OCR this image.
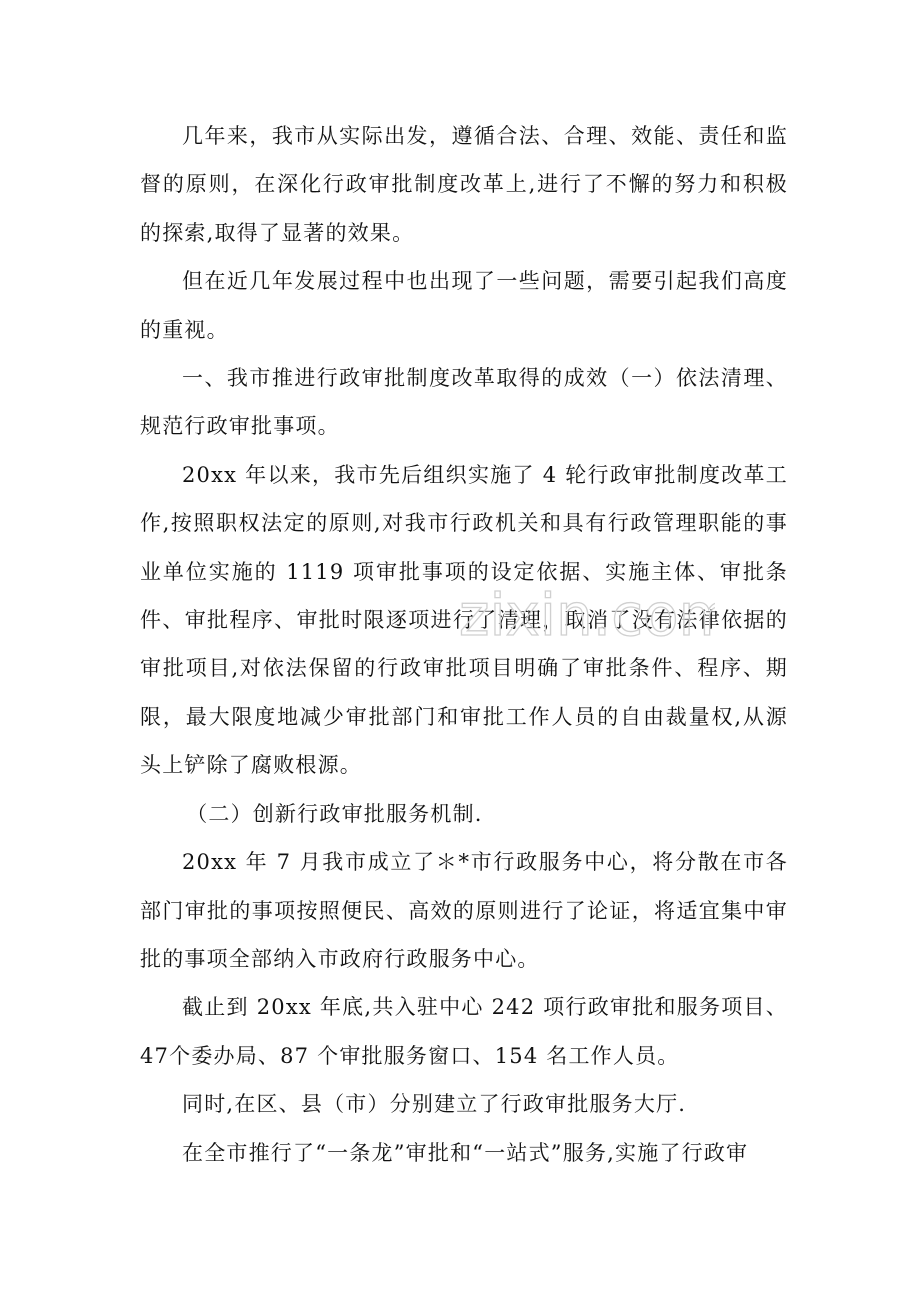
几年来，我市从实际出发，遵循合法、合理、效能、责任和监督的原则，在深化行政审批制度改革上,进行了不懈的努力和积极的探索,取得了显著的效果。

但在近几年发展过程中也出现了一些问题，需要引起我们高度的重视。

一、我市推进行政审批制度改革取得的成效（一）依法清理、规范行政审批事项。

20xx 年以来，我市先后组织实施了 4 轮行政审批制度改革工作,按照职权法定的原则,对我市行政机关和具有行政管理职能的事业单位实施的 1119 项审批事项的设定依据、实施主体、审批条件、审批程序、审批时限逐项进行了清理，取消了没有法律依据的审批项目,对依法保留的行政审批项目明确了审批条件、程序、期限，最大限度地减少审批部门和审批工作人员的自由裁量权,从源头上铲除了腐败根源。

（二）创新行政审批服务机制.

20xx 年 7 月我市成立了＊*市行政服务中心，将分散在市各部门审批的事项按照便民、高效的原则进行了论证，将适宜集中审批的事项全部纳入市政府行政服务中心。

截止到 20xx 年底,共入驻中心 242 项行政审批和服务项目、47个委办局、87 个审批服务窗口、154 名工作人员。

同时,在区、县（市）分别建立了行政审批服务大厅.

在全市推行了“一条龙”审批和“一站式”服务,实施了行政审

zixin.com
